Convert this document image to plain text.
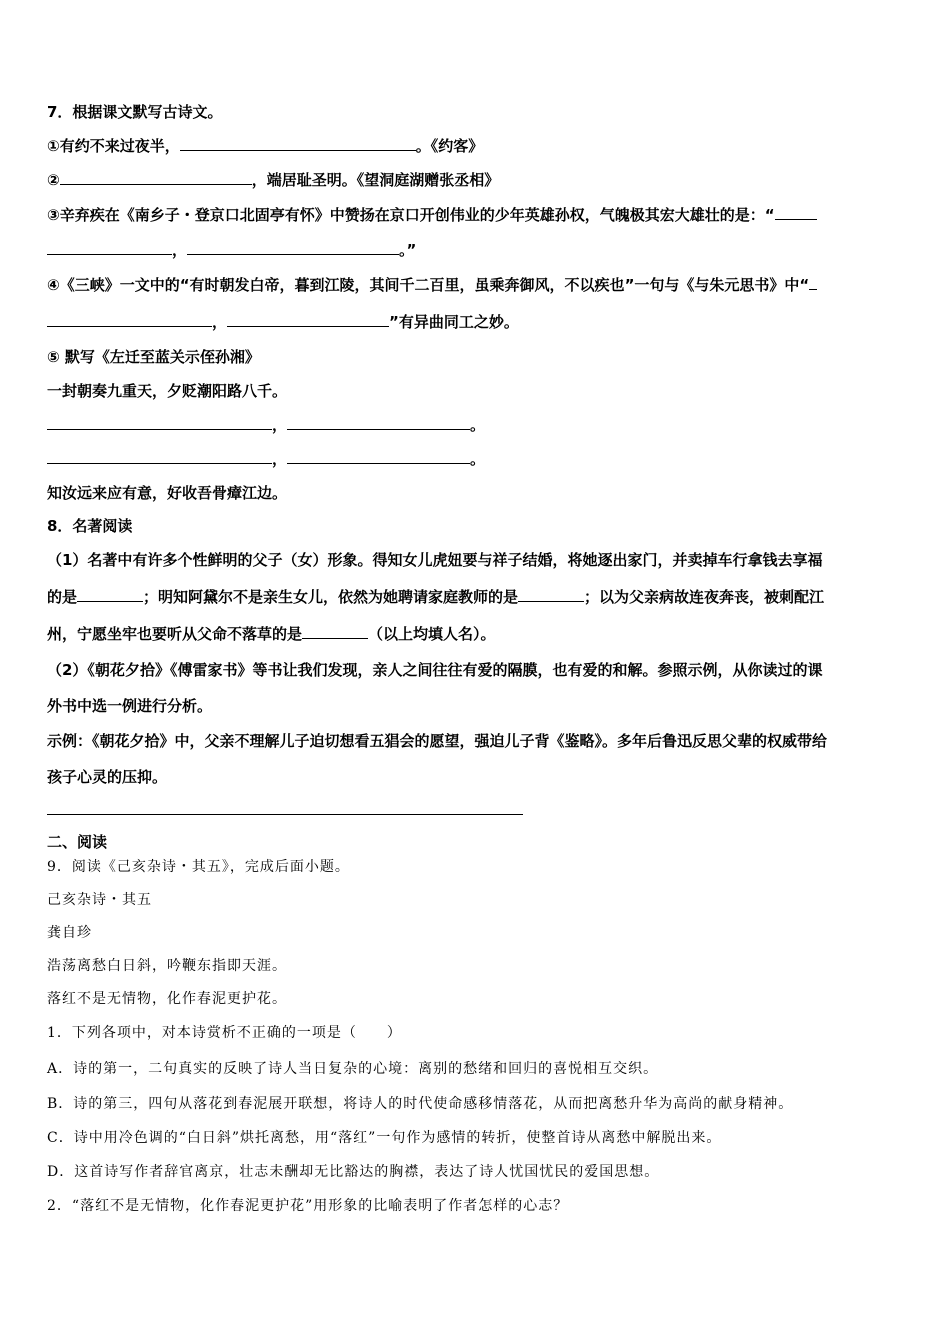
7．根据课文默写古诗文。
①有约不来过夜半，	。《约客》
②	，端居耻圣明。《望洞庭湖赠张丞相》
③辛弃疾在《南乡子・登京口北固亭有怀》中赞扬在京口开创伟业的少年英雄孙权，气魄极其宏大雄壮的是：“
，	。”
④《三峡》一文中的“有时朝发白帝，暮到江陵，其间千二百里，虽乘奔御风，不以疾也”一句与《与朱元思书》中“
，	”有异曲同工之妙。
⑤ 默写《左迁至蓝关示侄孙湘》
一封朝奏九重天，夕贬潮阳路八千。
，	。
，	。
知汝远来应有意，好收吾骨瘴江边。
8．名著阅读
（1）名著中有许多个性鲜明的父子（女）形象。得知女儿虎妞要与祥子结婚，将她逐出家门，并卖掉车行拿钱去享福
的是	；明知阿黛尔不是亲生女儿，依然为她聘请家庭教师的是	；以为父亲病故连夜奔丧，被刺配江
州，宁愿坐牢也要听从父命不落草的是	（以上均填人名）。
（2）《朝花夕拾》《傅雷家书》等书让我们发现，亲人之间往往有爱的隔膜，也有爱的和解。参照示例，从你读过的课
外书中选一例进行分析。
示例：《朝花夕拾》中，父亲不理解儿子迫切想看五猖会的愿望，强迫儿子背《鉴略》。多年后鲁迅反思父辈的权威带给
孩子心灵的压抑。
二、阅读
9．阅读《己亥杂诗・其五》，完成后面小题。
己亥杂诗・其五
龚自珍
浩荡离愁白日斜，吟鞭东指即天涯。
落红不是无情物，化作春泥更护花。
1．下列各项中，对本诗赏析不正确的一项是（　　）
A．诗的第一，二句真实的反映了诗人当日复杂的心境：离别的愁绪和回归的喜悦相互交织。
B．诗的第三，四句从落花到春泥展开联想，将诗人的时代使命感移情落花，从而把离愁升华为高尚的献身精神。
C．诗中用冷色调的“白日斜”烘托离愁，用“落红”一句作为感情的转折，使整首诗从离愁中解脱出来。
D．这首诗写作者辞官离京，壮志未酬却无比豁达的胸襟，表达了诗人忧国忧民的爱国思想。
2．“落红不是无情物，化作春泥更护花”用形象的比喻表明了作者怎样的心志？
